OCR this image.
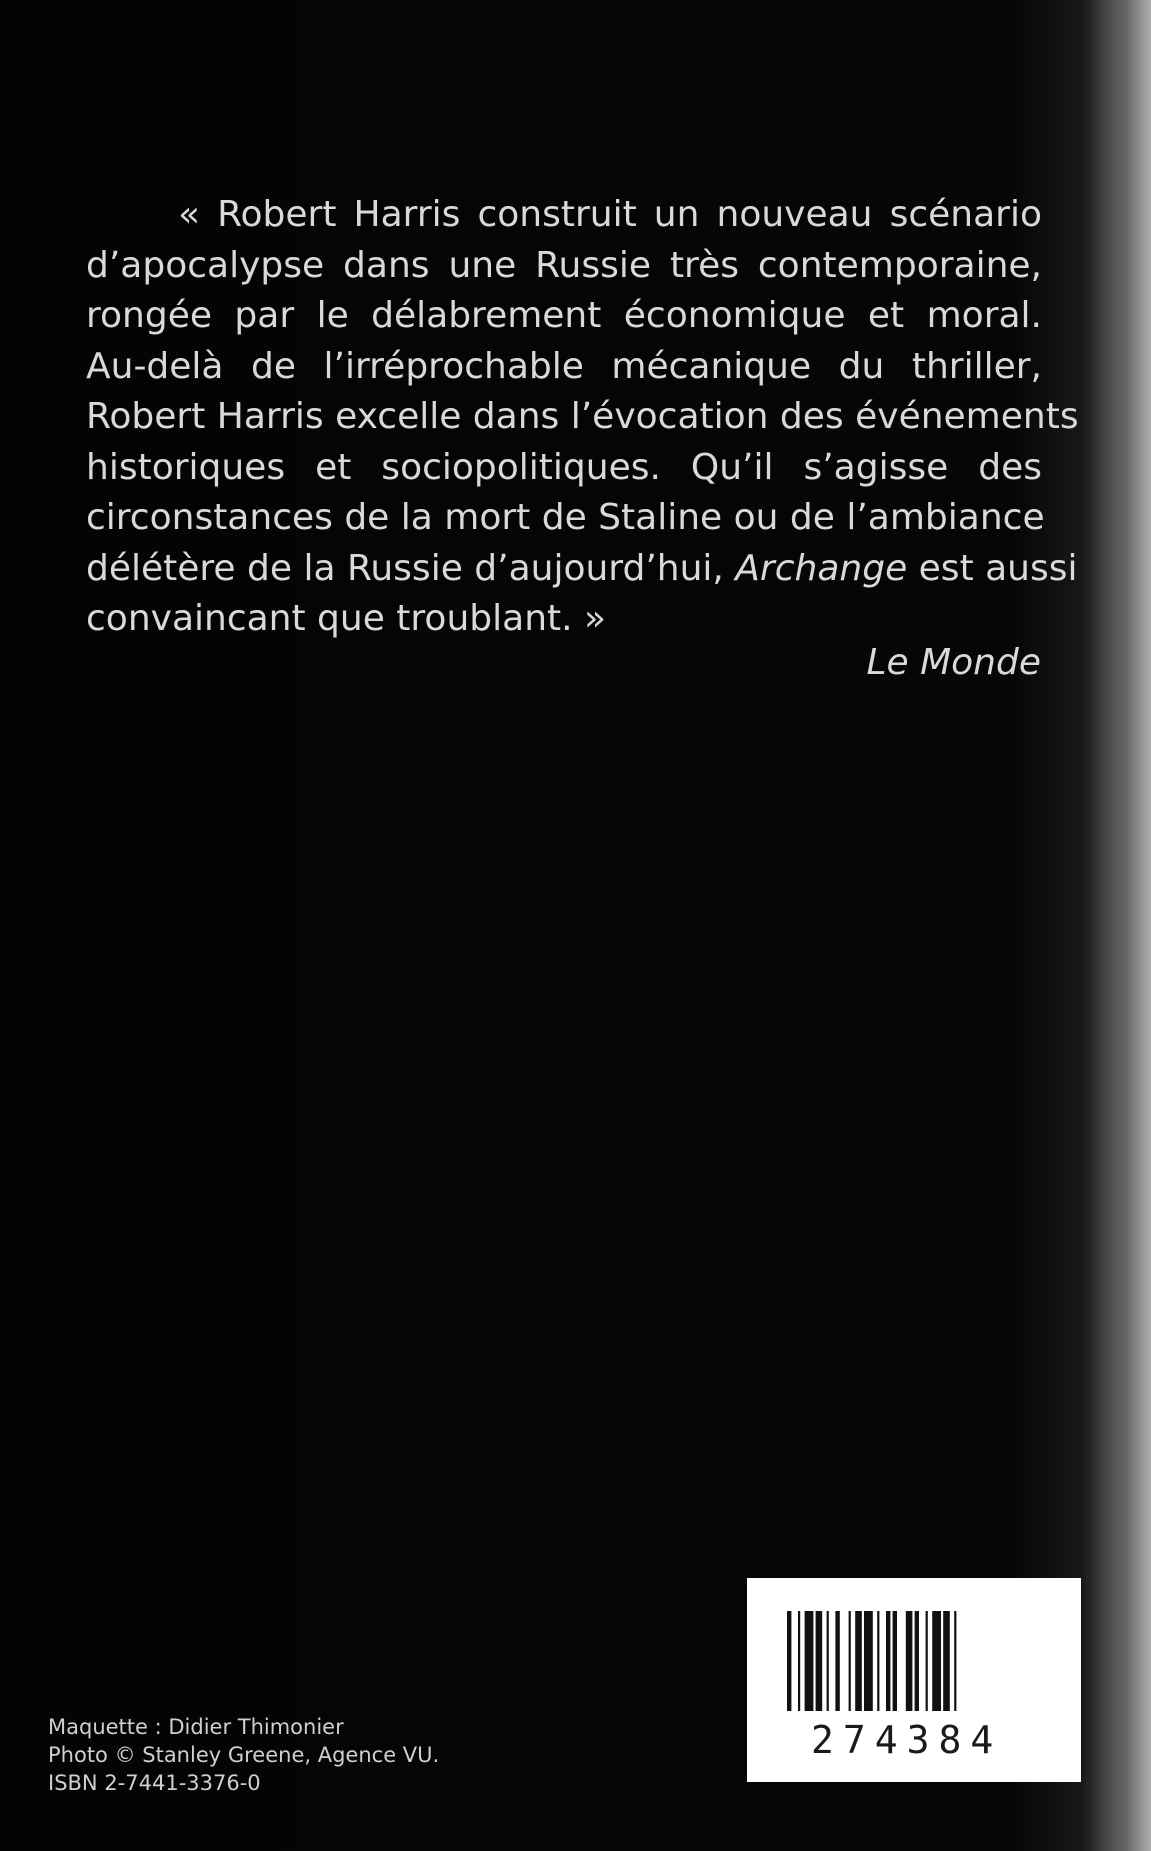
« Robert Harris construit un nouveau scénario
d’apocalypse dans une Russie très contemporaine,
rongée par le délabrement économique et moral.
Au-delà de l’irréprochable mécanique du thriller,
Robert Harris excelle dans l’évocation des événements
historiques et sociopolitiques. Qu’il s’agisse des
circonstances de la mort de Staline ou de l’ambiance
délétère de la Russie d’aujourd’hui, Archange est aussi
convaincant que troublant. »
Le Monde
Maquette : Didier Thimonier
Photo © Stanley Greene, Agence VU.
ISBN 2-7441-3376-0
274384
